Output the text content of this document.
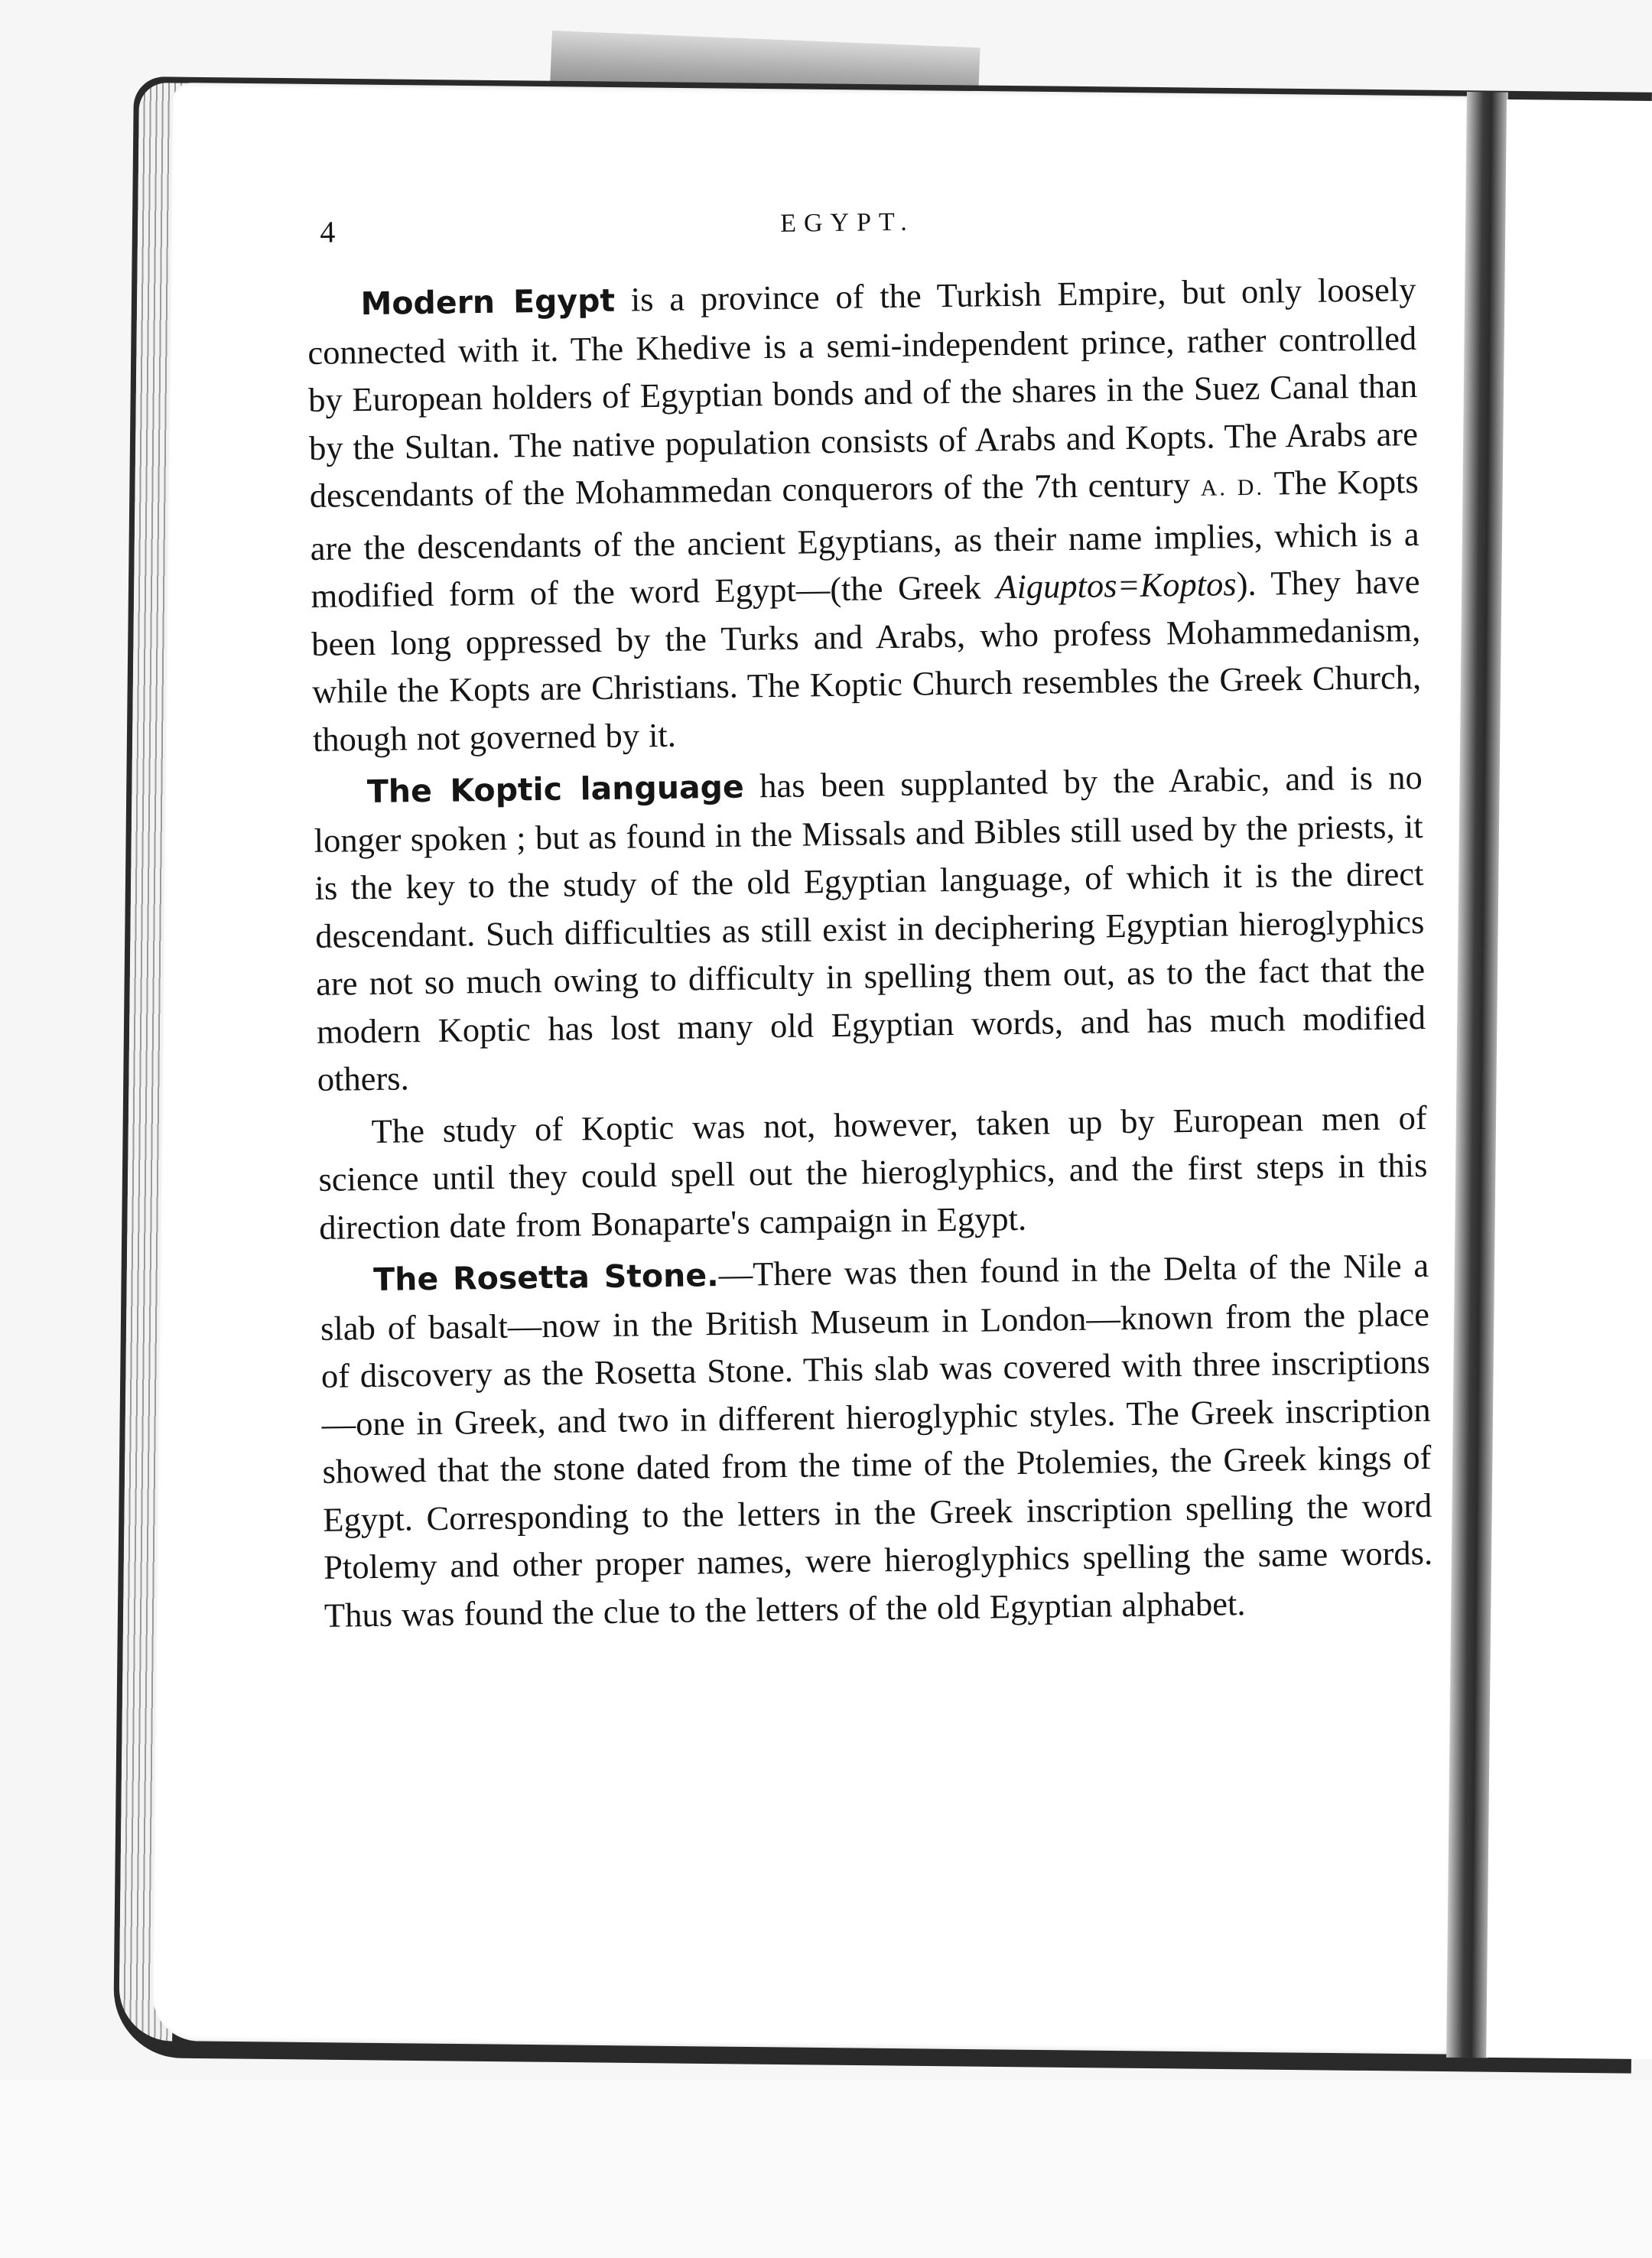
4	EGYPT.

Modern Egypt is a province of the Turkish Empire, but only loosely connected with it. The Khedive is a semi-independent prince, rather controlled by European holders of Egyptian bonds and of the shares in the Suez Canal than by the Sultan. The native population consists of Arabs and Kopts. The Arabs are descendants of the Mohammedan conquerors of the 7th century A. D. The Kopts are the descendants of the ancient Egyptians, as their name implies, which is a modified form of the word Egypt—(the Greek Aiguptos=Koptos). They have been long oppressed by the Turks and Arabs, who profess Mohammedanism, while the Kopts are Christians. The Koptic Church resembles the Greek Church, though not governed by it.

The Koptic language has been supplanted by the Arabic, and is no longer spoken ; but as found in the Missals and Bibles still used by the priests, it is the key to the study of the old Egyptian language, of which it is the direct descendant. Such difficulties as still exist in deciphering Egyptian hieroglyphics are not so much owing to difficulty in spelling them out, as to the fact that the modern Koptic has lost many old Egyptian words, and has much modified others.

The study of Koptic was not, however, taken up by European men of science until they could spell out the hieroglyphics, and the first steps in this direction date from Bonaparte's campaign in Egypt.

The Rosetta Stone.—There was then found in the Delta of the Nile a slab of basalt—now in the British Museum in London—known from the place of discovery as the Rosetta Stone. This slab was covered with three inscriptions—one in Greek, and two in different hieroglyphic styles. The Greek inscription showed that the stone dated from the time of the Ptolemies, the Greek kings of Egypt. Corresponding to the letters in the Greek inscription spelling the word Ptolemy and other proper names, were hieroglyphics spelling the same words. Thus was found the clue to the letters of the old Egyptian alphabet.
